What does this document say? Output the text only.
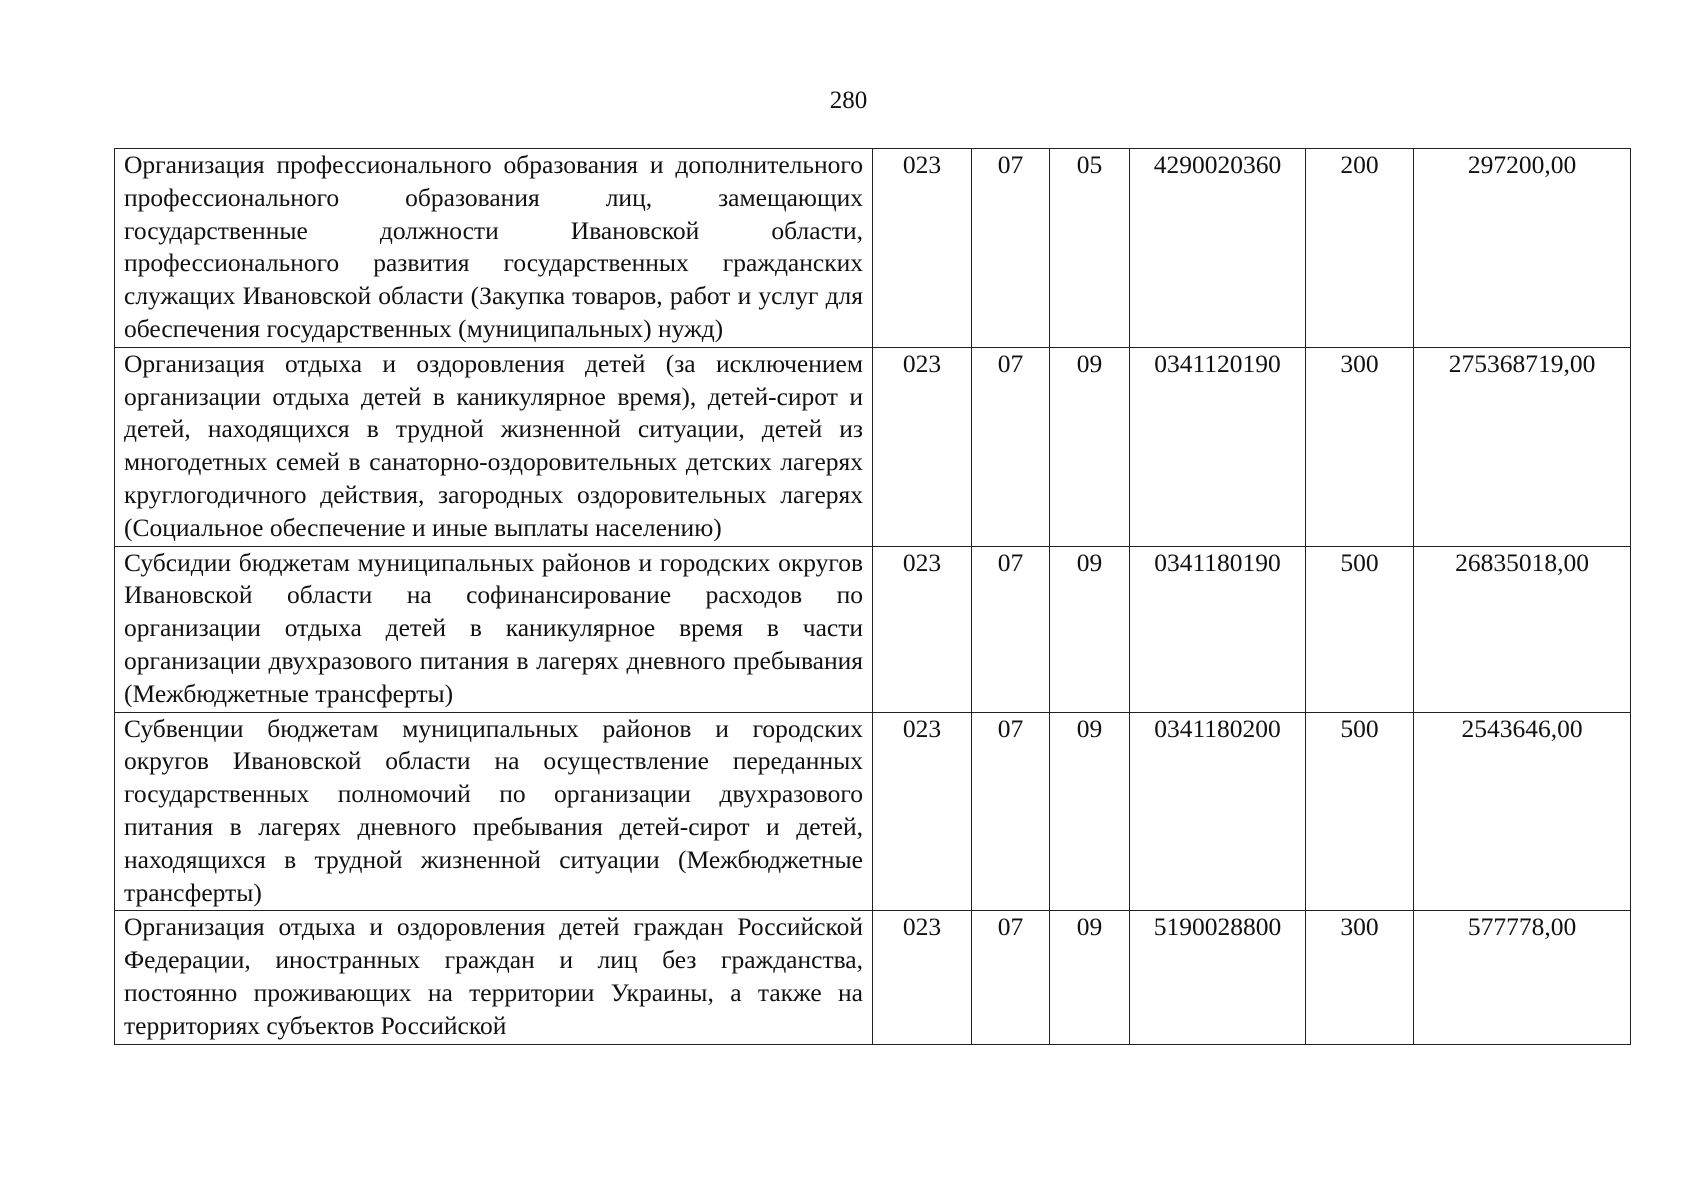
280
Организация профессионального образования и дополнительного профессионального образования лиц, замещающих государственные должности Ивановской области, профессионального развития государственных гражданских служащих Ивановской области (Закупка товаров, работ и услуг для обеспечения государственных (муниципальных) нужд)	023	07	05	4290020360	200	297200,00
Организация отдыха и оздоровления детей (за исключением организации отдыха детей в каникулярное время), детей-сирот и детей, находящихся в трудной жизненной ситуации, детей из многодетных семей в санаторно-оздоровительных детских лагерях круглогодичного действия, загородных оздоровительных лагерях (Социальное обеспечение и иные выплаты населению)	023	07	09	0341120190	300	275368719,00
Субсидии бюджетам муниципальных районов и городских округов Ивановской области на софинансирование расходов по организации отдыха детей в каникулярное время в части организации двухразового питания в лагерях дневного пребывания (Межбюджетные трансферты)	023	07	09	0341180190	500	26835018,00
Субвенции бюджетам муниципальных районов и городских округов Ивановской области на осуществление переданных государственных полномочий по организации двухразового питания в лагерях дневного пребывания детей-сирот и детей, находящихся в трудной жизненной ситуации (Межбюджетные трансферты)	023	07	09	0341180200	500	2543646,00
Организация отдыха и оздоровления детей граждан Российской Федерации, иностранных граждан и лиц без гражданства, постоянно проживающих на территории Украины, а также на территориях субъектов Российской	023	07	09	5190028800	300	577778,00
